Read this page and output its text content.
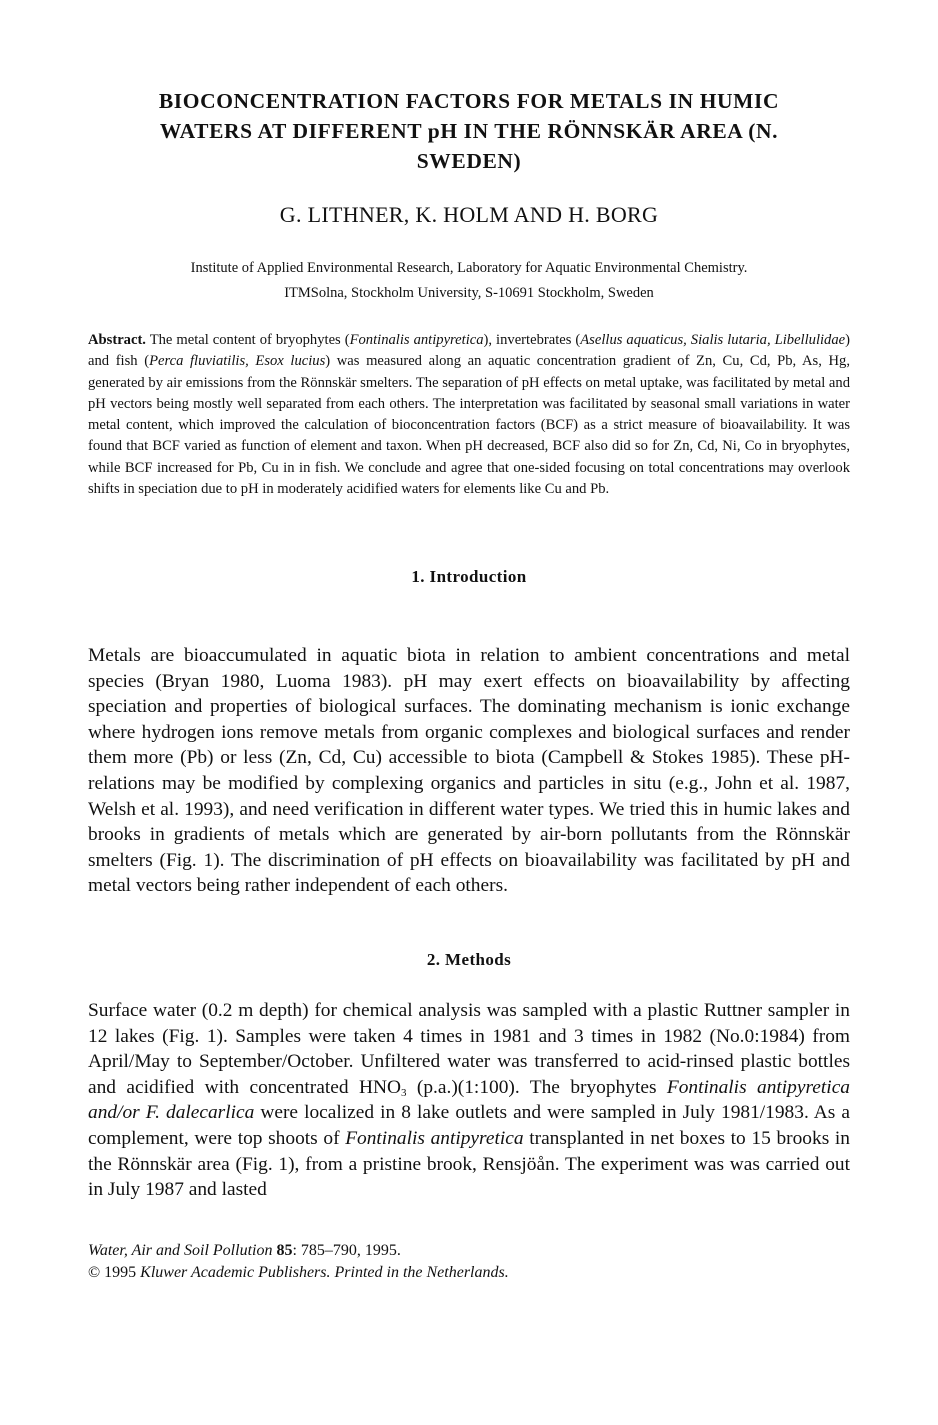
BIOCONCENTRATION FACTORS FOR METALS IN HUMIC
WATERS AT DIFFERENT pH IN THE RÖNNSKÄR AREA (N.
SWEDEN)
G. LITHNER, K. HOLM AND H. BORG
Institute of Applied Environmental Research, Laboratory for Aquatic Environmental Chemistry.
ITMSolna, Stockholm University, S-10691 Stockholm, Sweden
Abstract. The metal content of bryophytes (Fontinalis antipyretica), invertebrates (Asellus aquaticus, Sialis lutaria, Libellulidae) and fish (Perca fluviatilis, Esox lucius) was measured along an aquatic concentration gradient of Zn, Cu, Cd, Pb, As, Hg, generated by air emissions from the Rönnskär smelters. The separation of pH effects on metal uptake, was facilitated by metal and pH vectors being mostly well separated from each others. The interpretation was facilitated by seasonal small variations in water metal content, which improved the calculation of bioconcentration factors (BCF) as a strict measure of bioavailability. It was found that BCF varied as function of element and taxon. When pH decreased, BCF also did so for Zn, Cd, Ni, Co in bryophytes, while BCF increased for Pb, Cu in in fish. We conclude and agree that one-sided focusing on total concentrations may overlook shifts in speciation due to pH in moderately acidified waters for elements like Cu and Pb.
1. Introduction
Metals are bioaccumulated in aquatic biota in relation to ambient concentrations and metal species (Bryan 1980, Luoma 1983). pH may exert effects on bioavailability by affecting speciation and properties of biological surfaces. The dominating mechanism is ionic exchange where hydrogen ions remove metals from organic complexes and biological surfaces and render them more (Pb) or less (Zn, Cd, Cu) accessible to biota (Campbell & Stokes 1985). These pH-relations may be modified by complexing organics and particles in situ (e.g., John et al. 1987, Welsh et al. 1993), and need verification in different water types. We tried this in humic lakes and brooks in gradients of metals which are generated by air-born pollutants from the Rönnskär smelters (Fig. 1). The discrimination of pH effects on bioavailability was facilitated by pH and metal vectors being rather independent of each others.
2. Methods
Surface water (0.2 m depth) for chemical analysis was sampled with a plastic Ruttner sampler in 12 lakes (Fig. 1). Samples were taken 4 times in 1981 and 3 times in 1982 (No.0:1984) from April/May to September/October. Unfiltered water was transferred to acid-rinsed plastic bottles and acidified with concentrated $HNO_3$ (p.a.)(1:100). The bryophytes Fontinalis antipyretica and/or F. dalecarlica were localized in 8 lake outlets and were sampled in July 1981/1983. As a complement, were top shoots of Fontinalis antipyretica transplanted in net boxes to 15 brooks in the Rönnskär area (Fig. 1), from a pristine brook, Rensjöån. The experiment was was carried out in July 1987 and lasted
Water, Air and Soil Pollution 85: 785–790, 1995.
© 1995 Kluwer Academic Publishers. Printed in the Netherlands.
